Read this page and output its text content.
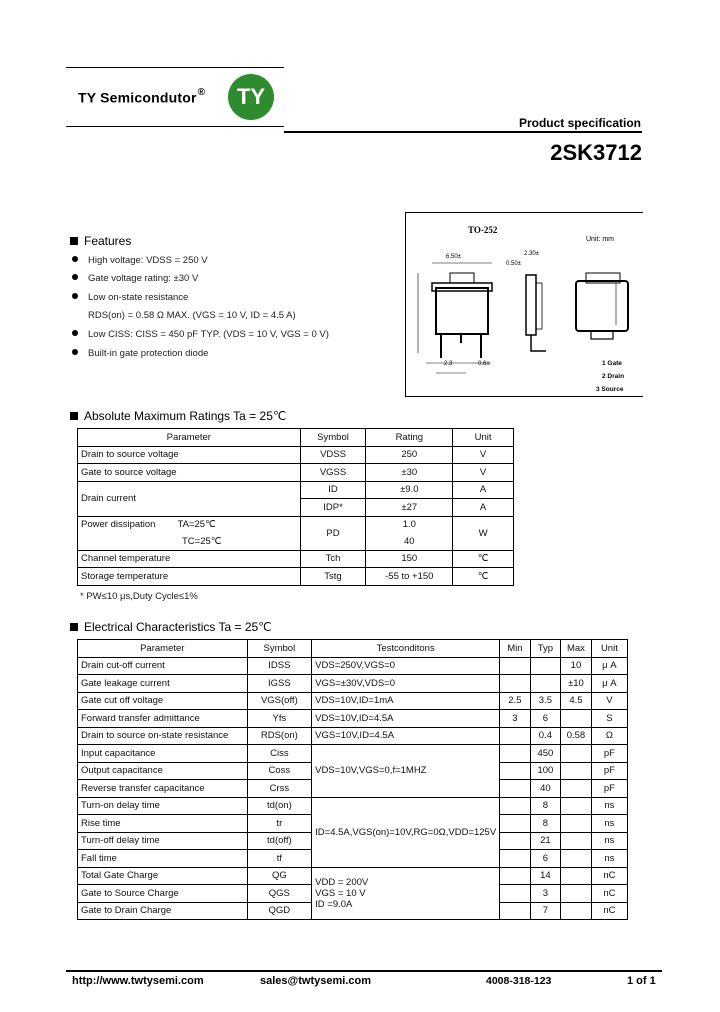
TY Semicondutor®	TY
Product specification
2SK3712
TO-252
Unit: mm
2.3	0.6±
6.50±
0.50±
2.30±
1 Gate
2 Drain
3 Source
Features
High voltage: VDSS = 250 V
Gate voltage rating: ±30 V
Low on-state resistance
RDS(on) = 0.58 Ω MAX. (VGS = 10 V, ID = 4.5 A)
Low CISS: CISS = 450 pF TYP. (VDS = 10 V, VGS = 0 V)
Built-in gate protection diode
Absolute Maximum Ratings Ta = 25℃
Parameter	Symbol	Rating	Unit
Drain to source voltage	VDSS	250	V
Gate to source voltage	VGSS	±30	V
Drain current	ID	±9.0	A
	IDP*	±27	A
Power dissipation TA=25℃	PD	1.0	W
TC=25℃		40	
Channel temperature	Tch	150	℃
Storage temperature	Tstg	-55 to +150	℃
* PW≤10 μs,Duty Cycle≤1%
Electrical Characteristics Ta = 25℃
Parameter	Symbol	Testconditons	Min	Typ	Max	Unit
Drain cut-off current	IDSS	VDS=250V,VGS=0			10	μ A
Gate leakage current	IGSS	VGS=±30V,VDS=0			±10	μ A
Gate cut off voltage	VGS(off)	VDS=10V,ID=1mA	2.5	3.5	4.5	V
Forward transfer admittance	Yfs	VDS=10V,ID=4.5A	3	6		S
Drain to source on-state resistance	RDS(on)	VGS=10V,ID=4.5A		0.4	0.58	Ω
Input capacitance	Ciss	VDS=10V,VGS=0,f=1MHZ		450		pF
Output capacitance	Coss			100		pF
Reverse transfer capacitance	Crss			40		pF
Turn-on delay time	td(on)	ID=4.5A,VGS(on)=10V,RG=0Ω,VDD=125V		8		ns
Rise time	tr			8		ns
Turn-off delay time	td(off)			21		ns
Fall time	tf			6		ns
Total Gate Charge	QG	VDD = 200V
VGS = 10 V
ID =9.0A		14		nC
Gate to Source Charge	QGS			3		nC
Gate to Drain Charge	QGD			7		nC
http://www.twtysemi.com	sales@twtysemi.com	4008-318-123	1 of 1
